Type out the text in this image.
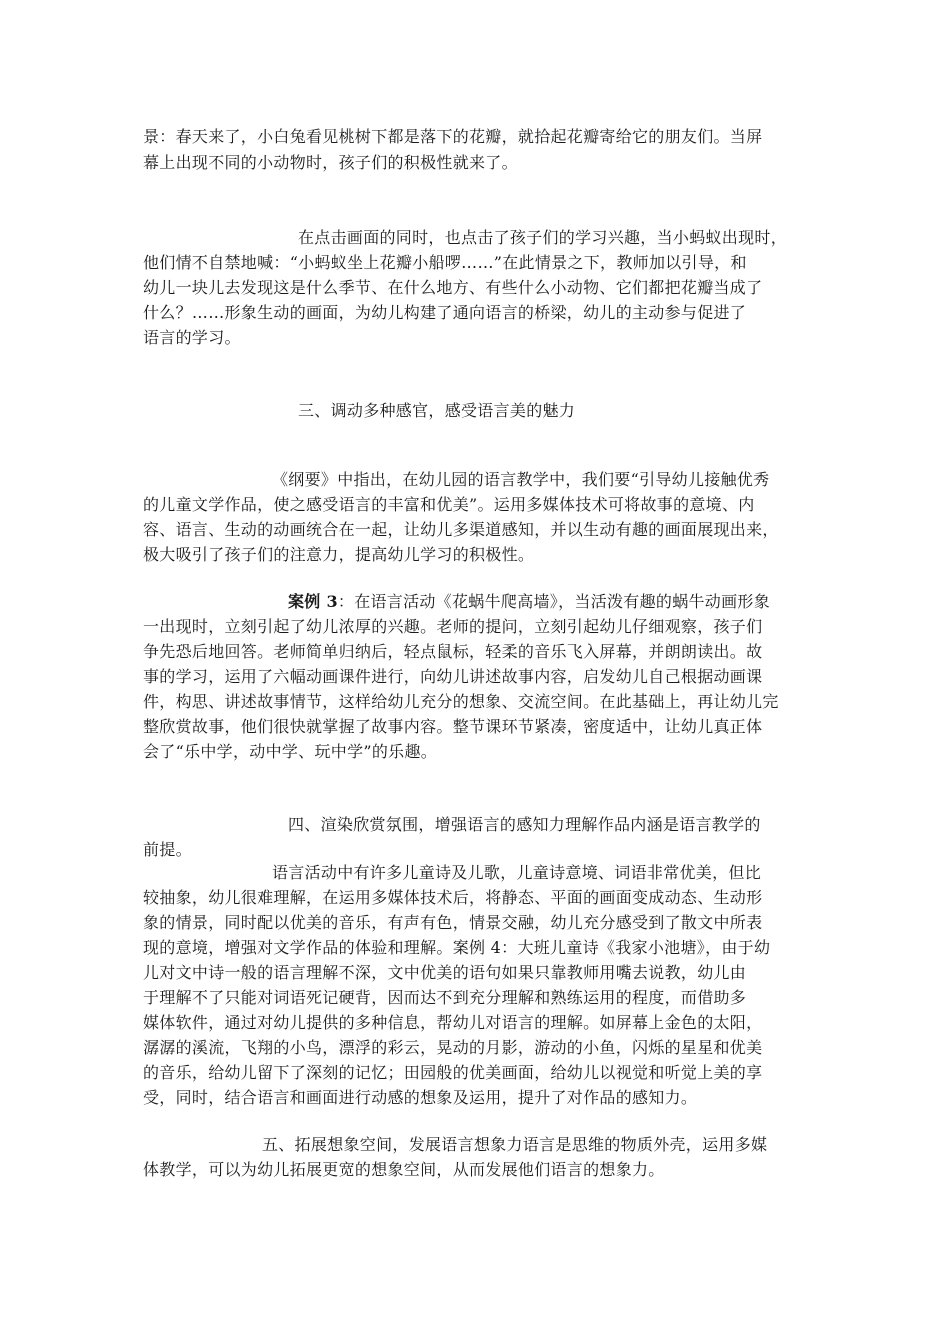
景：春天来了，小白兔看见桃树下都是落下的花瓣，就拾起花瓣寄给它的朋友们。当屏
幕上出现不同的小动物时，孩子们的积极性就来了。
在点击画面的同时，也点击了孩子们的学习兴趣，当小蚂蚁出现时，
他们情不自禁地喊：“小蚂蚁坐上花瓣小船啰……”在此情景之下，教师加以引导，和
幼儿一块儿去发现这是什么季节、在什么地方、有些什么小动物、它们都把花瓣当成了
什么？……形象生动的画面，为幼儿构建了通向语言的桥梁，幼儿的主动参与促进了
语言的学习。
三、调动多种感官，感受语言美的魅力
《纲要》中指出，在幼儿园的语言教学中，我们要“引导幼儿接触优秀
的儿童文学作品，使之感受语言的丰富和优美”。运用多媒体技术可将故事的意境、内
容、语言、生动的动画统合在一起，让幼儿多渠道感知，并以生动有趣的画面展现出来，
极大吸引了孩子们的注意力，提高幼儿学习的积极性。
案例 3：在语言活动《花蜗牛爬高墙》，当活泼有趣的蜗牛动画形象
一出现时，立刻引起了幼儿浓厚的兴趣。老师的提问，立刻引起幼儿仔细观察，孩子们
争先恐后地回答。老师简单归纳后，轻点鼠标，轻柔的音乐飞入屏幕，并朗朗读出。故
事的学习，运用了六幅动画课件进行，向幼儿讲述故事内容，启发幼儿自己根据动画课
件，构思、讲述故事情节，这样给幼儿充分的想象、交流空间。在此基础上，再让幼儿完
整欣赏故事，他们很快就掌握了故事内容。整节课环节紧凑，密度适中，让幼儿真正体
会了“乐中学，动中学、玩中学”的乐趣。
四、渲染欣赏氛围，增强语言的感知力理解作品内涵是语言教学的
前提。
语言活动中有许多儿童诗及儿歌，儿童诗意境、词语非常优美，但比
较抽象，幼儿很难理解，在运用多媒体技术后，将静态、平面的画面变成动态、生动形
象的情景，同时配以优美的音乐，有声有色，情景交融，幼儿充分感受到了散文中所表
现的意境，增强对文学作品的体验和理解。案例 4：大班儿童诗《我家小池塘》，由于幼
儿对文中诗一般的语言理解不深，文中优美的语句如果只靠教师用嘴去说教，幼儿由
于理解不了只能对词语死记硬背，因而达不到充分理解和熟练运用的程度，而借助多
媒体软件，通过对幼儿提供的多种信息，帮幼儿对语言的理解。如屏幕上金色的太阳，
潺潺的溪流，飞翔的小鸟，漂浮的彩云，晃动的月影，游动的小鱼，闪烁的星星和优美
的音乐，给幼儿留下了深刻的记忆；田园般的优美画面，给幼儿以视觉和听觉上美的享
受，同时，结合语言和画面进行动感的想象及运用，提升了对作品的感知力。
五、拓展想象空间，发展语言想象力语言是思维的物质外壳，运用多媒
体教学，可以为幼儿拓展更宽的想象空间，从而发展他们语言的想象力。
